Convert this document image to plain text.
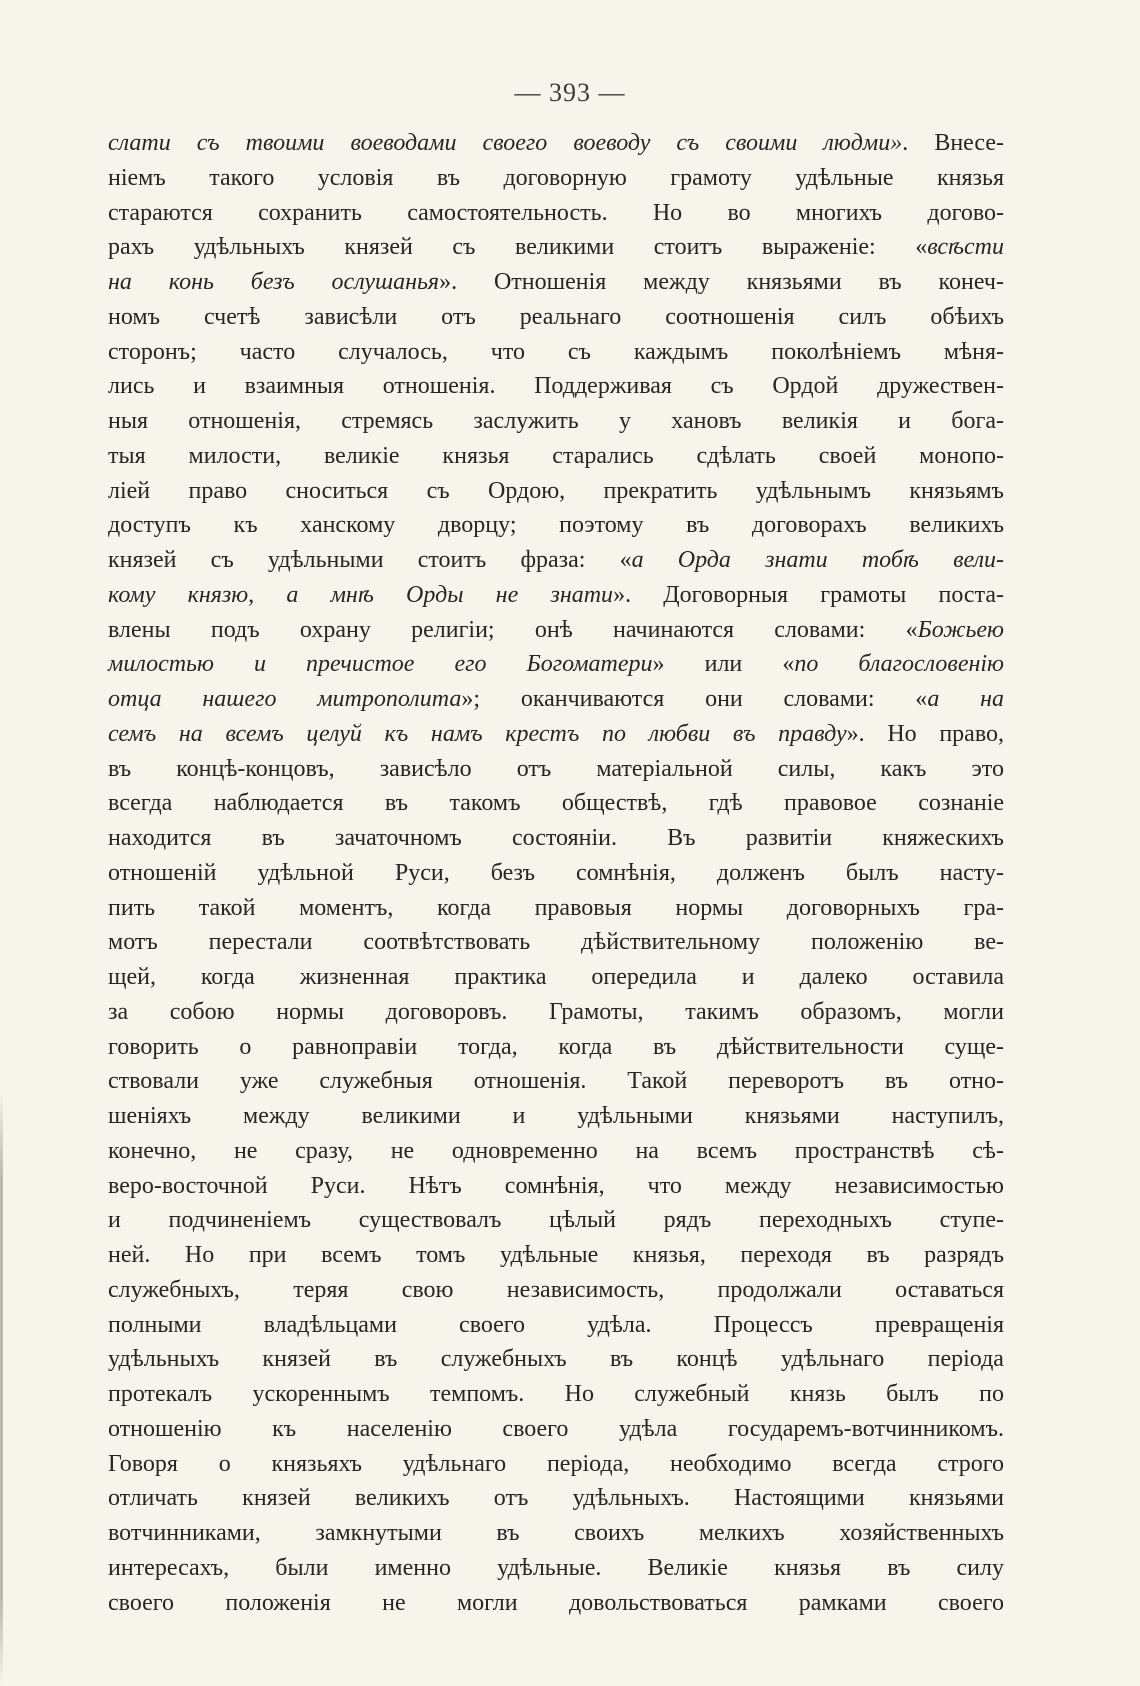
— 393 —
слати съ твоими воеводами своего воеводу съ своими людми». Внесе-
ніемъ такого условія въ договорную грамоту удѣльные князья
стараются сохранить самостоятельность. Но во многихъ догово-
рахъ удѣльныхъ князей съ великими стоитъ выраженіе: «всѣсти
на конь безъ ослушанья». Отношенія между князьями въ конеч-
номъ счетѣ зависѣли отъ реальнаго соотношенія силъ обѣихъ
сторонъ; часто случалось, что съ каждымъ поколѣніемъ мѣня-
лись и взаимныя отношенія. Поддерживая съ Ордой дружествен-
ныя отношенія, стремясь заслужить у хановъ великія и бога-
тыя милости, великіе князья старались сдѣлать своей монопо-
ліей право сноситься съ Ордою, прекратить удѣльнымъ князьямъ
доступъ къ ханскому дворцу; поэтому въ договорахъ великихъ
князей съ удѣльными стоитъ фраза: «а Орда знати тобѣ вели-
кому князю, а мнѣ Орды не знати». Договорныя грамоты поста-
влены подъ охрану религіи; онѣ начинаются словами: «Божьею
милостью и пречистое его Богоматери» или «по благословенію
отца нашего митрополита»; оканчиваются они словами: «а на
семъ на всемъ целуй къ намъ крестъ по любви въ правду». Но право,
въ концѣ-концовъ, зависѣло отъ матеріальной силы, какъ это
всегда наблюдается въ такомъ обществѣ, гдѣ правовое сознаніе
находится въ зачаточномъ состояніи. Въ развитіи княжескихъ
отношеній удѣльной Руси, безъ сомнѣнія, долженъ былъ насту-
пить такой моментъ, когда правовыя нормы договорныхъ гра-
мотъ перестали соотвѣтствовать дѣйствительному положенію ве-
щей, когда жизненная практика опередила и далеко оставила
за собою нормы договоровъ. Грамоты, такимъ образомъ, могли
говорить о равноправіи тогда, когда въ дѣйствительности суще-
ствовали уже служебныя отношенія. Такой переворотъ въ отно-
шеніяхъ между великими и удѣльными князьями наступилъ,
конечно, не сразу, не одновременно на всемъ пространствѣ сѣ-
веро-восточной Руси. Нѣтъ сомнѣнія, что между независимостью
и подчиненіемъ существовалъ цѣлый рядъ переходныхъ ступе-
ней. Но при всемъ томъ удѣльные князья, переходя въ разрядъ
служебныхъ, теряя свою независимость, продолжали оставаться
полными владѣльцами своего удѣла. Процессъ превращенія
удѣльныхъ князей въ служебныхъ въ концѣ удѣльнаго періода
протекалъ ускореннымъ темпомъ. Но служебный князь былъ по
отношенію къ населенію своего удѣла государемъ-вотчинникомъ.
Говоря о князьяхъ удѣльнаго періода, необходимо всегда строго
отличать князей великихъ отъ удѣльныхъ. Настоящими князьями
вотчинниками, замкнутыми въ своихъ мелкихъ хозяйственныхъ
интересахъ, были именно удѣльные. Великіе князья въ силу
своего положенія не могли довольствоваться рамками своего
